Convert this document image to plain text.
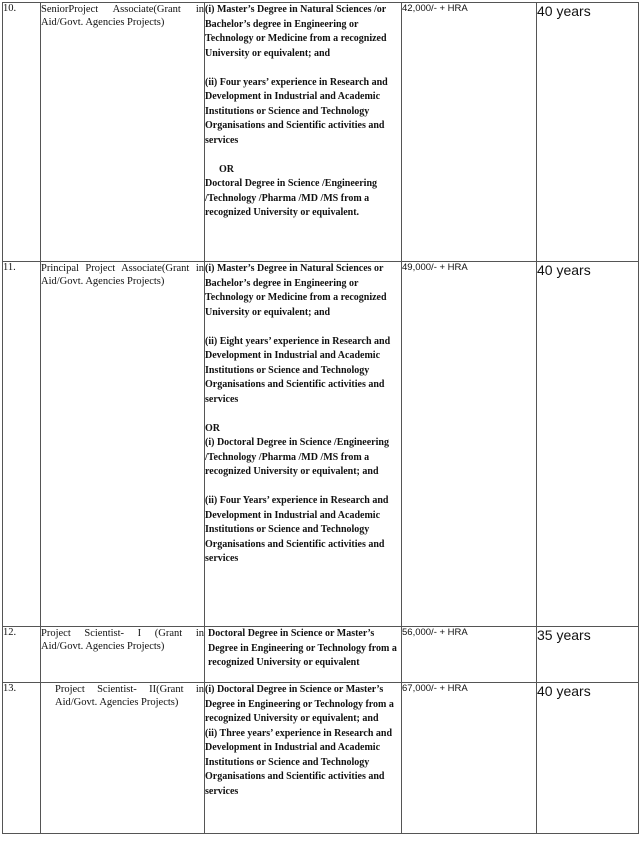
10.	SeniorProject Associate(Grant in Aid/Govt. Agencies Projects)	(i) Master’s Degree in Natural Sciences /or Bachelor’s degree in Engineering or Technology or Medicine from a recognized University or equivalent; and

(ii) Four years’ experience in Research and Development in Industrial and Academic Institutions or Science and Technology Organisations and Scientific activities and services

OR

Doctoral Degree in Science /Engineering /Technology /Pharma /MD /MS from a recognized University or equivalent.	42,000/- + HRA	40 years
11.	Principal Project Associate(Grant in Aid/Govt. Agencies Projects)	(i) Master’s Degree in Natural Sciences or Bachelor’s degree in Engineering or Technology or Medicine from a recognized University or equivalent; and

(ii) Eight years’ experience in Research and Development in Industrial and Academic Institutions or Science and Technology Organisations and Scientific activities and services

OR

(i) Doctoral Degree in Science /Engineering /Technology /Pharma /MD /MS from a recognized University or equivalent; and

(ii) Four Years’ experience in Research and Development in Industrial and Academic Institutions or Science and Technology Organisations and Scientific activities and services	49,000/- + HRA	40 years
12.	Project Scientist- I (Grant in Aid/Govt. Agencies Projects)	Doctoral Degree in Science or Master’s Degree in Engineering or Technology from a recognized University or equivalent	56,000/- + HRA	35 years
13.	Project Scientist- II(Grant in Aid/Govt. Agencies Projects)	(i) Doctoral Degree in Science or Master’s Degree in Engineering or Technology from a recognized University or equivalent; and

(ii) Three years’ experience in Research and Development in Industrial and Academic Institutions or Science and Technology Organisations and Scientific activities and services	67,000/- + HRA	40 years
